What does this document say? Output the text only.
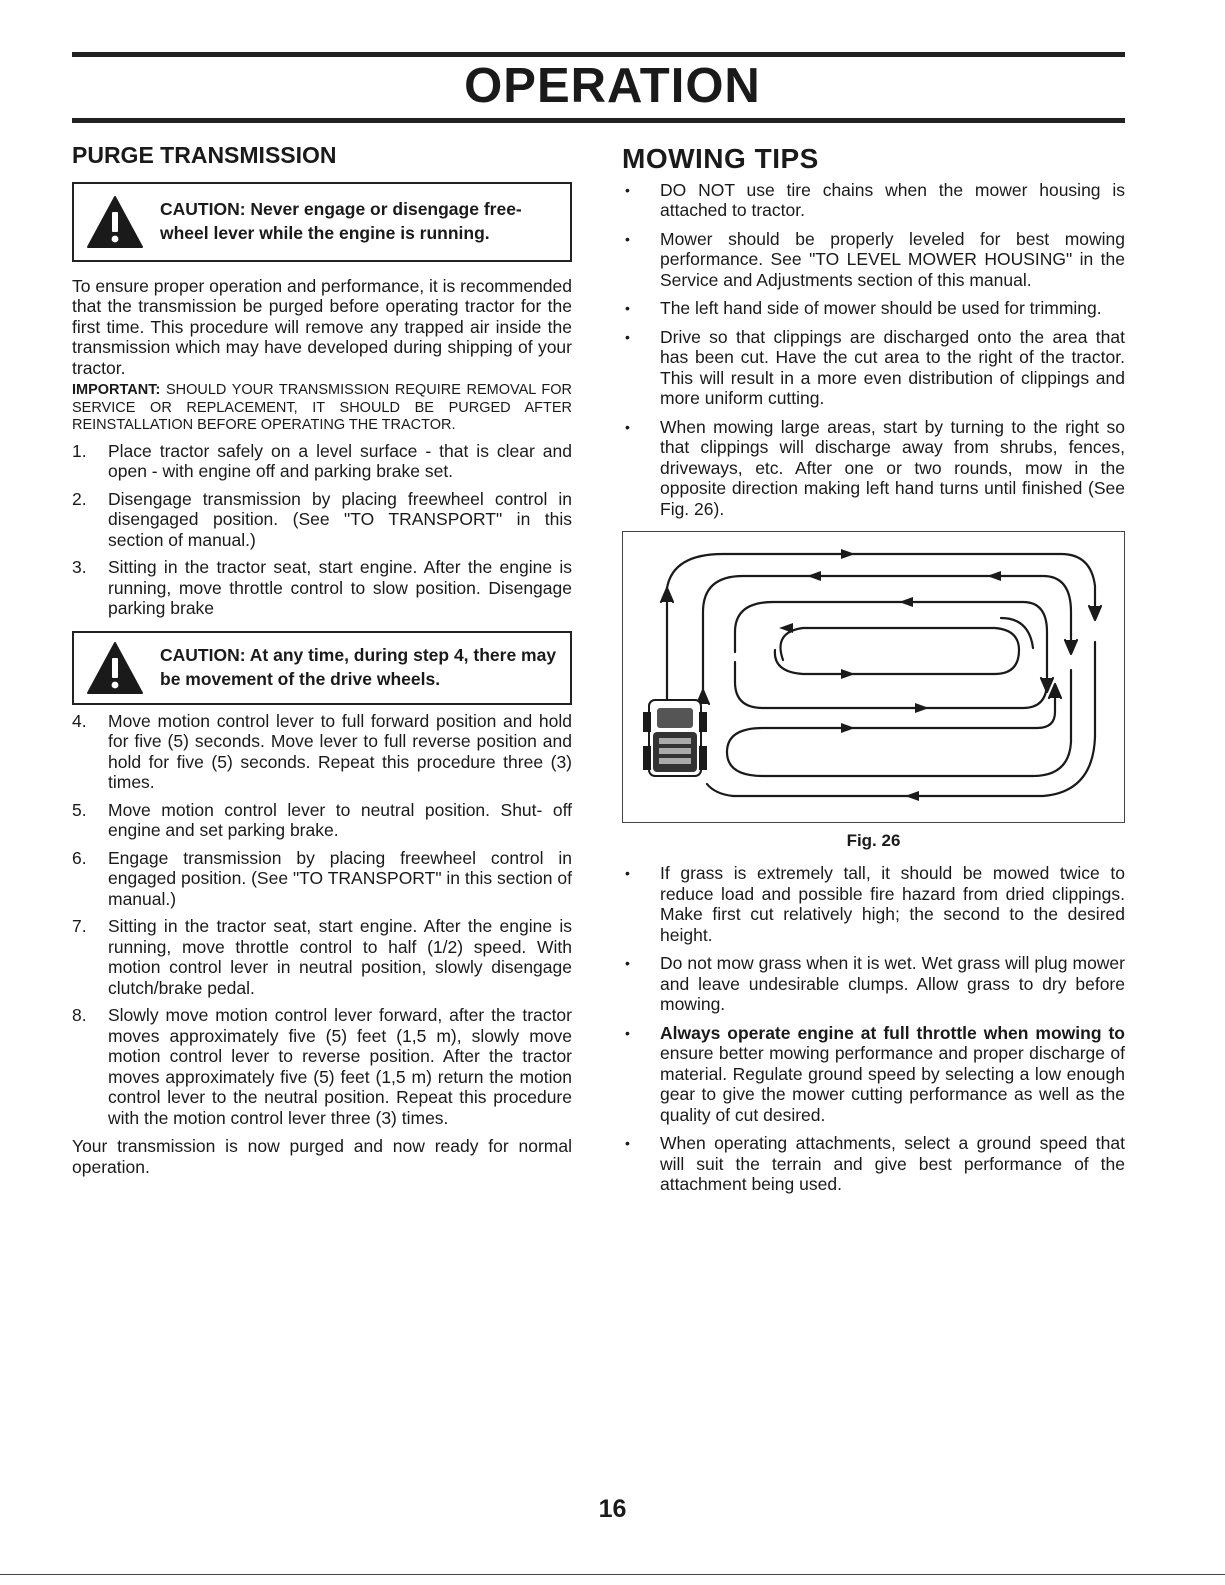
OPERATION
PURGE TRANSMISSION
CAUTION: Never engage or disengage free-wheel lever while the engine is running.

To ensure proper operation and performance, it is recommended that the transmission be purged before operating tractor for the first time. This procedure will remove any trapped air inside the transmission which may have developed during shipping of your tractor.

IMPORTANT: SHOULD YOUR TRANSMISSION REQUIRE REMOVAL FOR SERVICE OR REPLACEMENT, IT SHOULD BE PURGED AFTER REINSTALLATION BEFORE OPERATING THE TRACTOR.

1. Place tractor safely on a level surface - that is clear and open - with engine off and parking brake set.
2. Disengage transmission by placing freewheel control in disengaged position. (See "TO TRANSPORT" in this section of manual.)
3. Sitting in the tractor seat, start engine. After the engine is running, move throttle control to slow position. Disengage parking brake
CAUTION: At any time, during step 4, there may be movement of the drive wheels.
4. Move motion control lever to full forward position and hold for five (5) seconds. Move lever to full reverse position and hold for five (5) seconds. Repeat this procedure three (3) times.
5. Move motion control lever to neutral position. Shut- off engine and set parking brake.
6. Engage transmission by placing freewheel control in engaged position. (See "TO TRANSPORT" in this section of manual.)
7. Sitting in the tractor seat, start engine. After the engine is running, move throttle control to half (1/2) speed. With motion control lever in neutral position, slowly disengage clutch/brake pedal.
8. Slowly move motion control lever forward, after the tractor moves approximately five (5) feet (1,5 m), slowly move motion control lever to reverse position. After the tractor moves approximately five (5) feet (1,5 m) return the motion control lever to the neutral position. Repeat this procedure with the motion control lever three (3) times.

Your transmission is now purged and now ready for normal operation.

MOWING TIPS
• DO NOT use tire chains when the mower housing is attached to tractor.
• Mower should be properly leveled for best mowing performance. See "TO LEVEL MOWER HOUSING" in the Service and Adjustments section of this manual.
• The left hand side of mower should be used for trimming.
• Drive so that clippings are discharged onto the area that has been cut. Have the cut area to the right of the tractor. This will result in a more even distribution of clippings and more uniform cutting.
• When mowing large areas, start by turning to the right so that clippings will discharge away from shrubs, fences, driveways, etc. After one or two rounds, mow in the opposite direction making left hand turns until finished (See Fig. 26).
Fig. 26
• If grass is extremely tall, it should be mowed twice to reduce load and possible fire hazard from dried clippings. Make first cut relatively high; the second to the desired height.
• Do not mow grass when it is wet. Wet grass will plug mower and leave undesirable clumps. Allow grass to dry before mowing.
• Always operate engine at full throttle when mowing to ensure better mowing performance and proper discharge of material. Regulate ground speed by selecting a low enough gear to give the mower cutting performance as well as the quality of cut desired.
• When operating attachments, select a ground speed that will suit the terrain and give best performance of the attachment being used.
16
